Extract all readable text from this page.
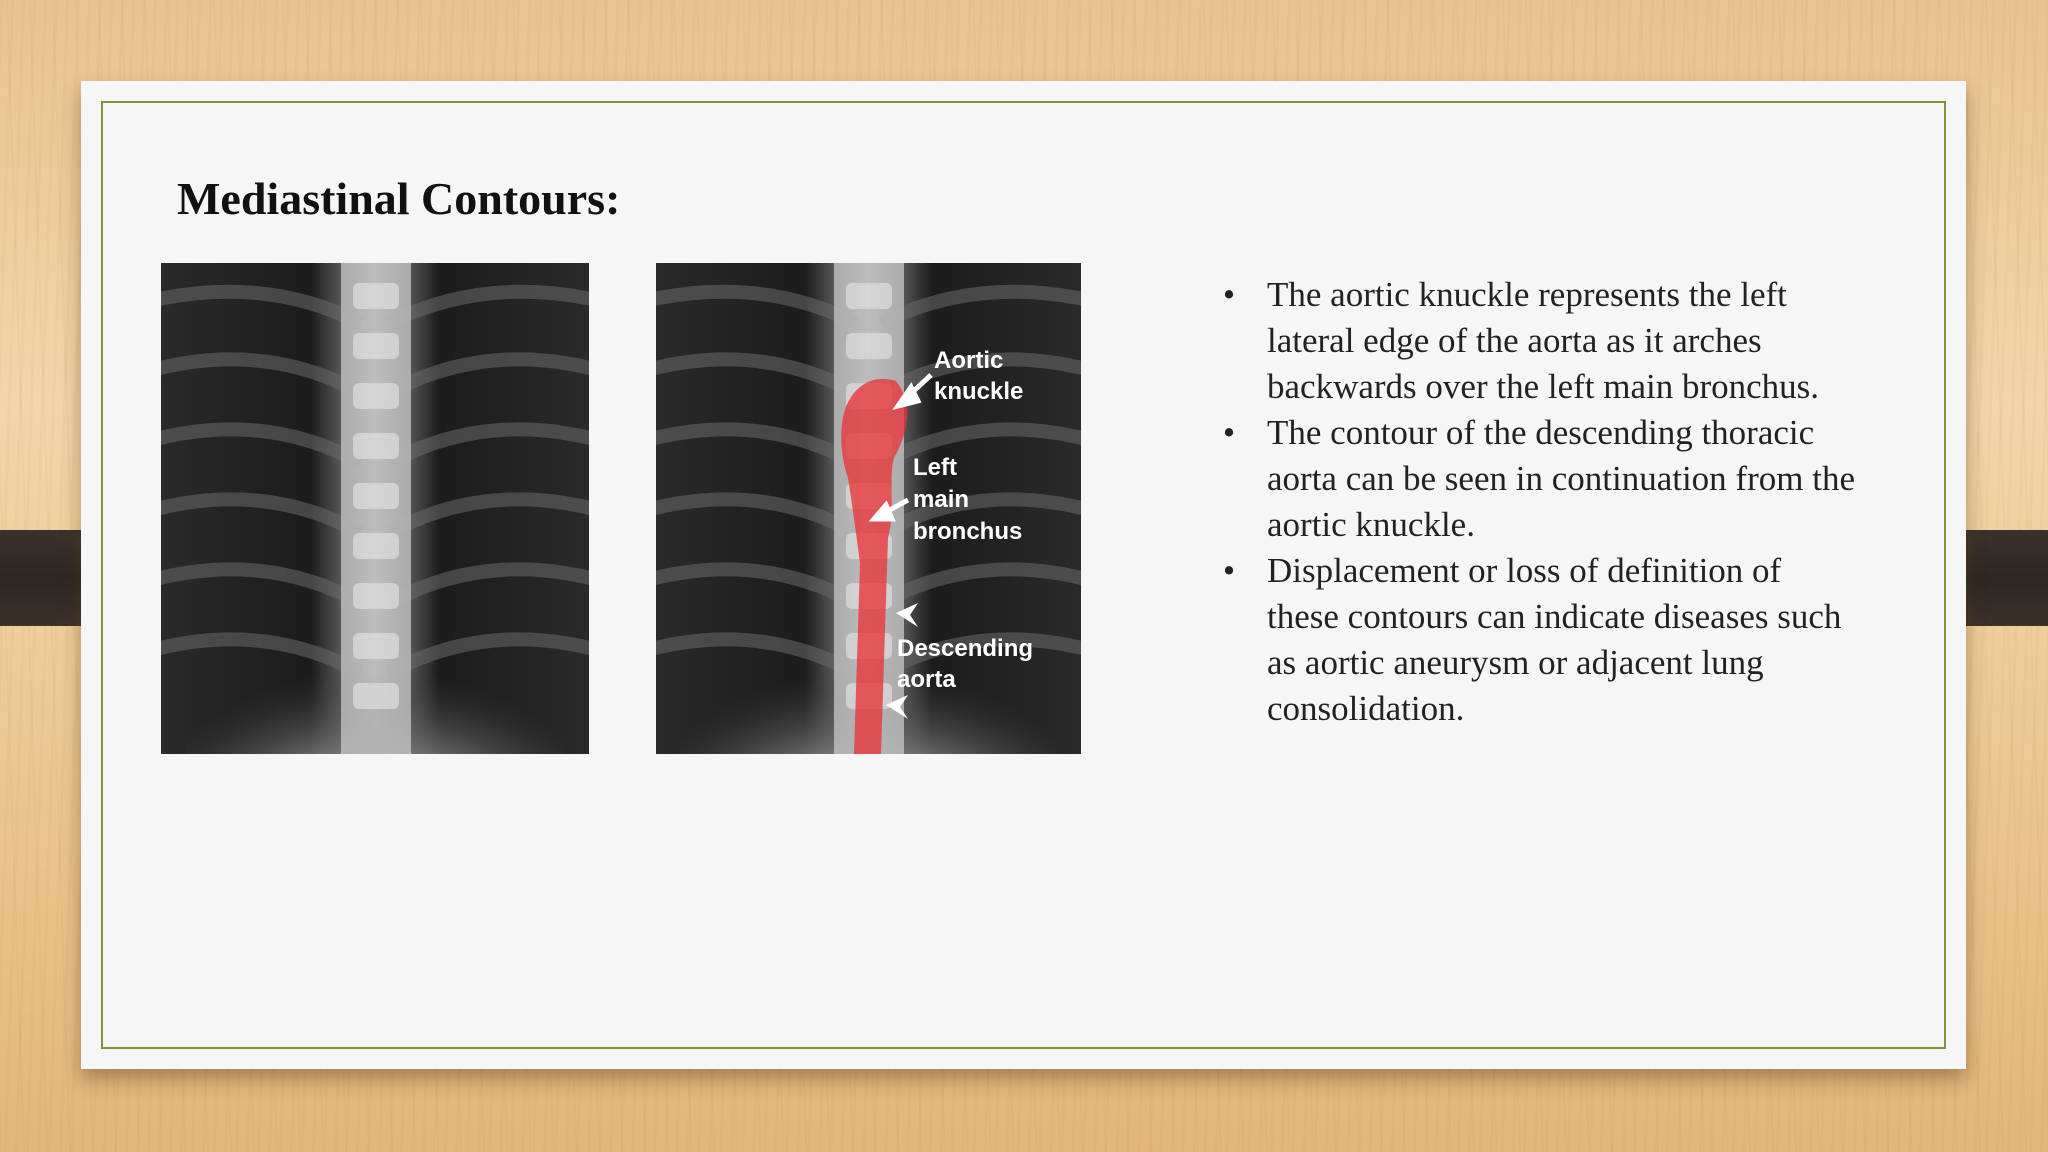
Mediastinal Contours:
Aortic
knuckle
Left
main
bronchus
Descending
aorta
• The aortic knuckle represents the left lateral edge of the aorta as it arches backwards over the left main bronchus.
• The contour of the descending thoracic aorta can be seen in continuation from the aortic knuckle.
• Displacement or loss of definition of these contours can indicate diseases such as aortic aneurysm or adjacent lung consolidation.
